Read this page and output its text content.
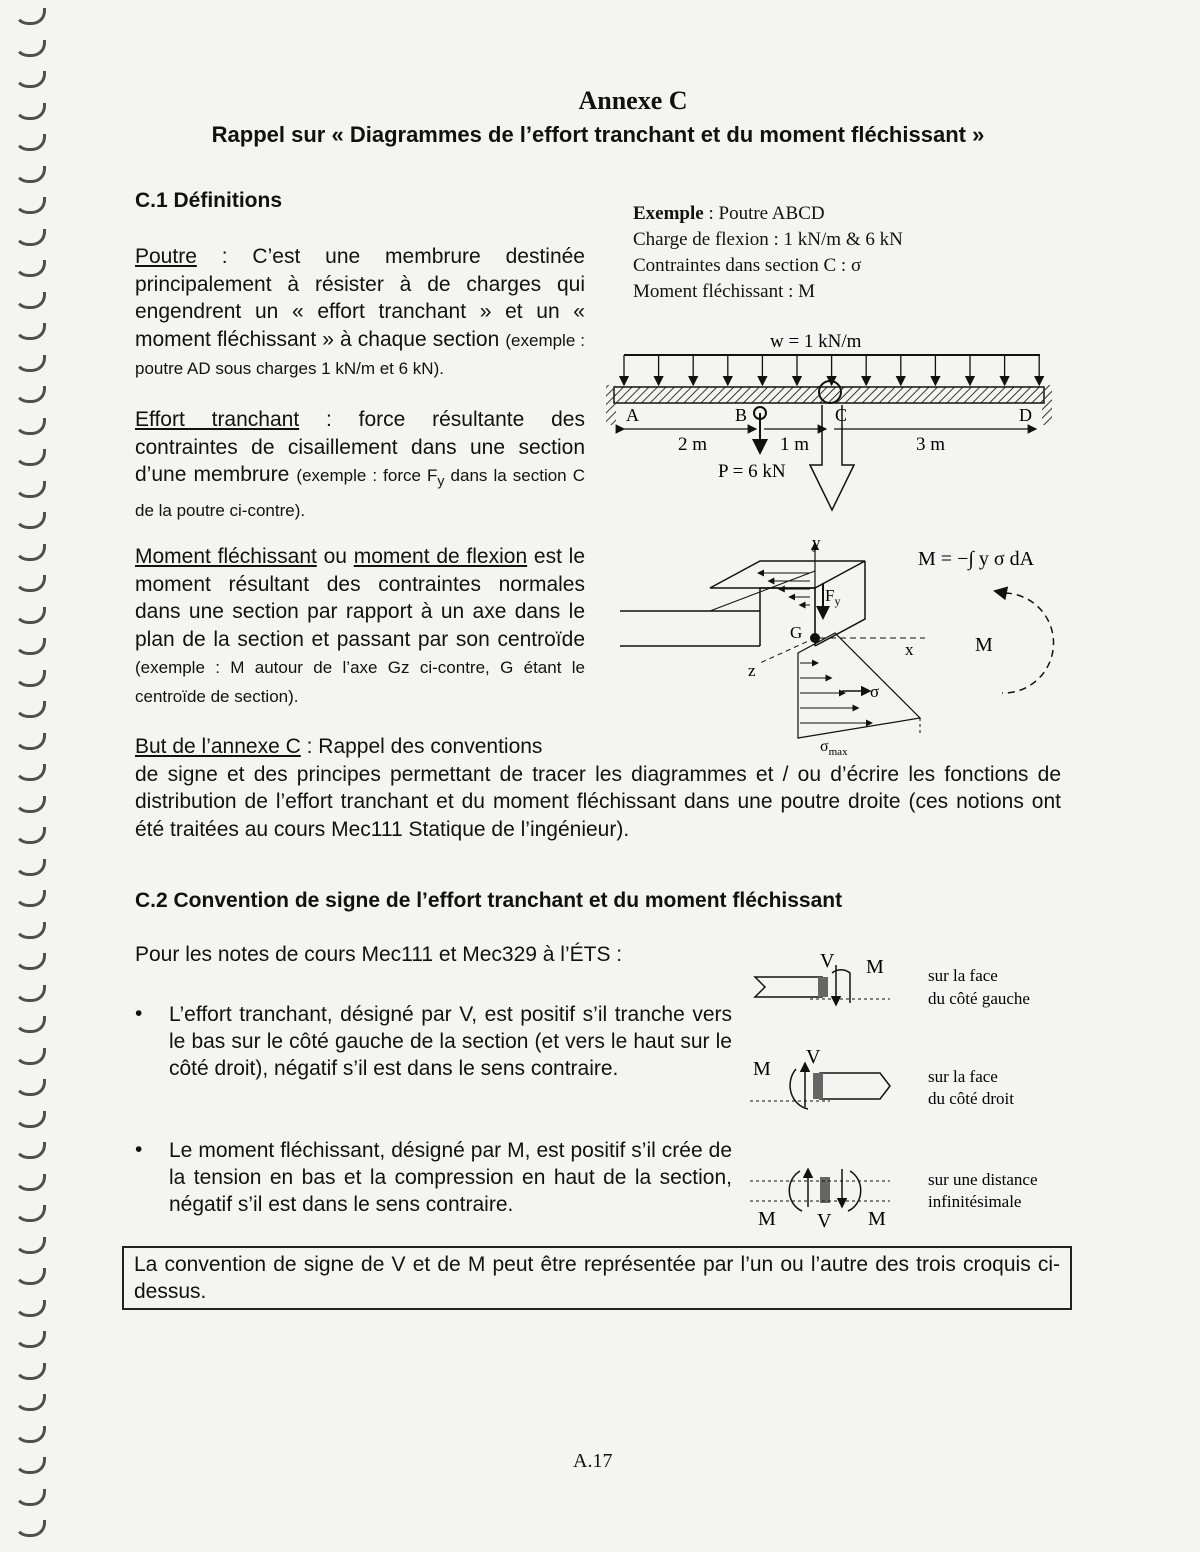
Annexe C
Rappel sur « Diagrammes de l’effort tranchant et du moment fléchissant »
C.1 Définitions
Poutre : C’est une membrure destinée principalement à résister à de charges qui engendrent un « effort tranchant » et un « moment fléchissant » à chaque section (exemple : poutre AD sous charges 1 kN/m et 6 kN).
Effort tranchant : force résultante des contraintes de cisaillement dans une section d’une membrure (exemple : force $F_y$ dans la section C de la poutre ci-contre).
Moment fléchissant ou moment de flexion est le moment résultant des contraintes normales dans une section par rapport à un axe dans le plan de la section et passant par son centroïde (exemple : M autour de l’axe Gz ci-contre, G étant le centroïde de section).
But de l’annexe C : Rappel des conventions
de signe et des principes permettant de tracer les diagrammes et / ou d’écrire les fonctions de distribution de l’effort tranchant et du moment fléchissant dans une poutre droite (ces notions ont été traitées au cours Mec111 Statique de l’ingénieur).
Exemple : Poutre ABCD
Charge de flexion : 1 kN/m & 6 kN
Contraintes dans section C : σ
Moment fléchissant : M
w = 1 kN/m
A	B	C	D
2 m	1 m	3 m
P = 6 kN
y
$F_y$
G
x
z
σ
$\sigma_{max}$
M = −∫ y σ dA
M
C.2 Convention de signe de l’effort tranchant et du moment fléchissant
Pour les notes de cours Mec111 et Mec329 à l’ÉTS :
• L’effort tranchant, désigné par V, est positif s’il tranche vers le bas sur le côté gauche de la section (et vers le haut sur le côté droit), négatif s’il est dans le sens contraire.
• Le moment fléchissant, désigné par M, est positif s’il crée de la tension en bas et la compression en haut de la section, négatif s’il est dans le sens contraire.
V M	sur la face
du côté gauche
V
M	sur la face
du côté droit
M V M
sur une distance
infinitésimale
La convention de signe de V et de M peut être représentée par l’un ou l’autre des trois croquis ci-dessus.
A.17
